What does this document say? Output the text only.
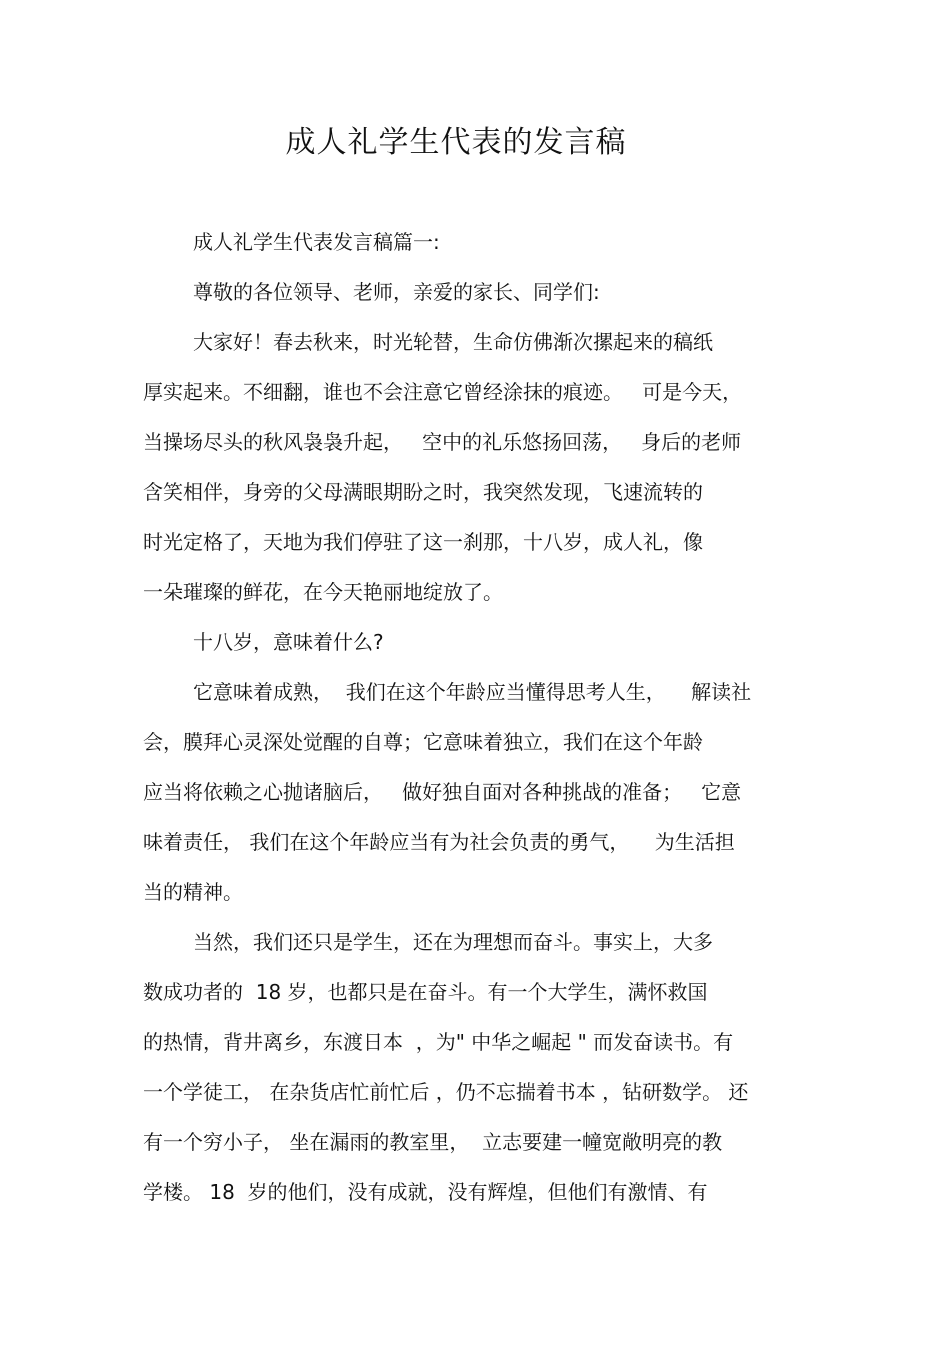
成人礼学生代表的发言稿
成人礼学生代表发言稿篇一:
尊敬的各位领导、老师，亲爱的家长、同学们:
大家好！春去秋来，时光轮替，生命仿佛渐次摞起来的稿纸
厚实起来。不细翻，谁也不会注意它曾经涂抹的痕迹。   可是今天，
当操场尽头的秋风袅袅升起，   空中的礼乐悠扬回荡，   身后的老师
含笑相伴，身旁的父母满眼期盼之时，我突然发现，飞速流转的
时光定格了，天地为我们停驻了这一刹那，十八岁，成人礼，像
一朵璀璨的鲜花，在今天艳丽地绽放了。
十八岁，意味着什么?
它意味着成熟，  我们在这个年龄应当懂得思考人生，    解读社
会，膜拜心灵深处觉醒的自尊；它意味着独立，我们在这个年龄
应当将依赖之心抛诸脑后，   做好独自面对各种挑战的准备；   它意
味着责任， 我们在这个年龄应当有为社会负责的勇气，    为生活担
当的精神。
当然，我们还只是学生，还在为理想而奋斗。事实上，大多
数成功者的  18 岁，也都只是在奋斗。有一个大学生，满怀救国
的热情，背井离乡，东渡日本  ，为" 中华之崛起 " 而发奋读书。有
一个学徒工， 在杂货店忙前忙后 ，仍不忘揣着书本 ，钻研数学。 还
有一个穷小子， 坐在漏雨的教室里，  立志要建一幢宽敞明亮的教
学楼。 18  岁的他们，没有成就，没有辉煌，但他们有激情、有
